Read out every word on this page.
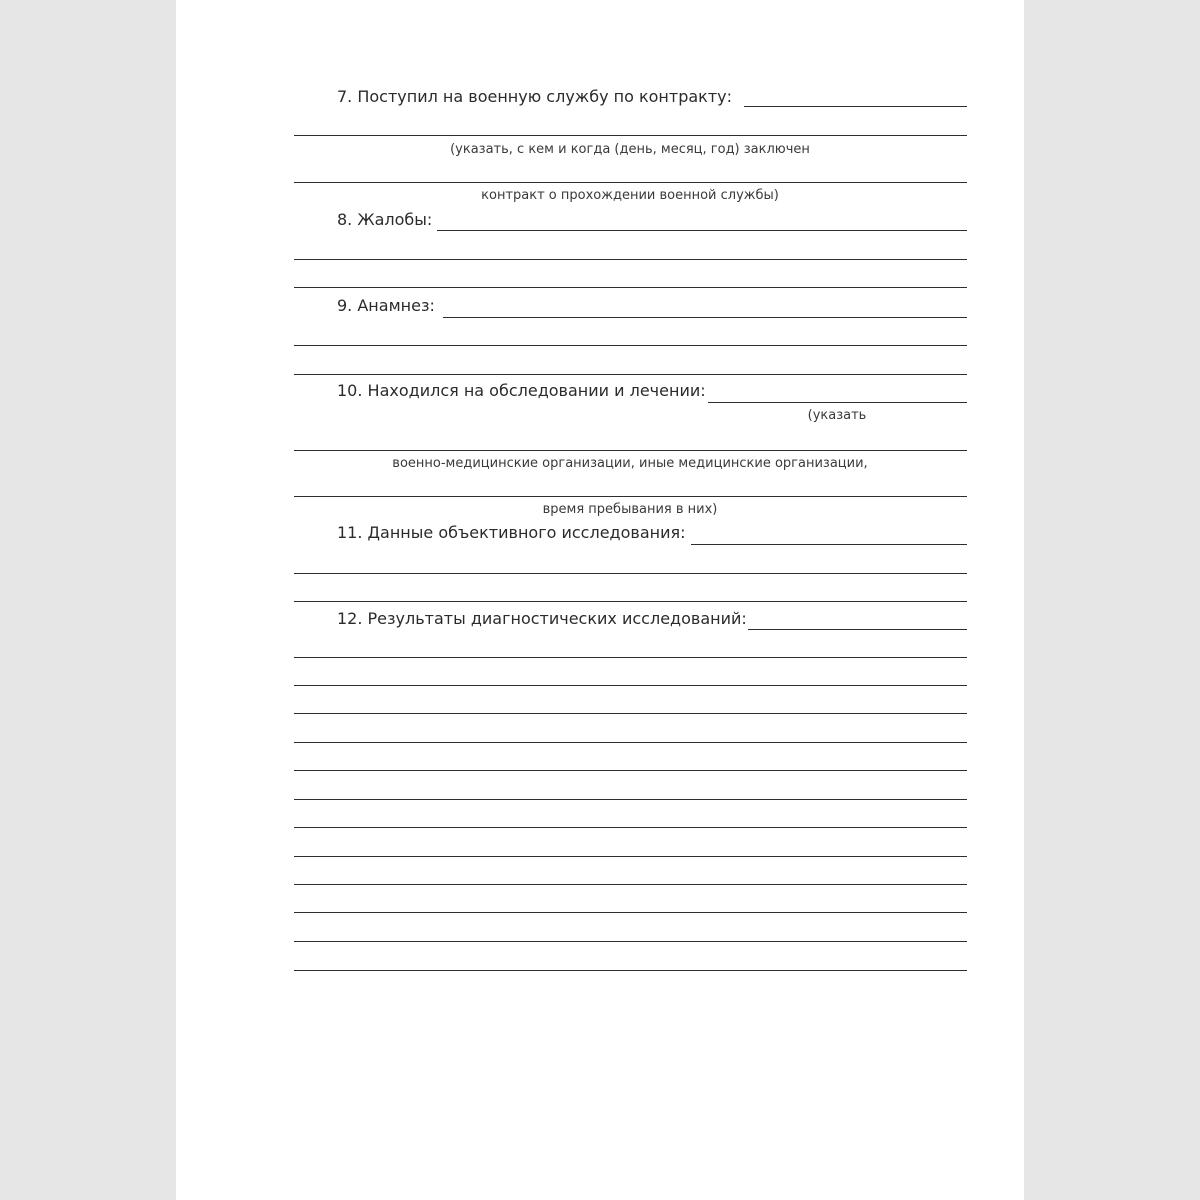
7. Поступил на военную службу по контракту:
(указать, с кем и когда (день, месяц, год) заключен
контракт о прохождении военной службы)
8. Жалобы:
9. Анамнез:
10. Находился на обследовании и лечении:
(указать
военно-медицинские организации, иные медицинские организации,
время пребывания в них)
11. Данные объективного исследования:
12. Результаты диагностических исследований:
